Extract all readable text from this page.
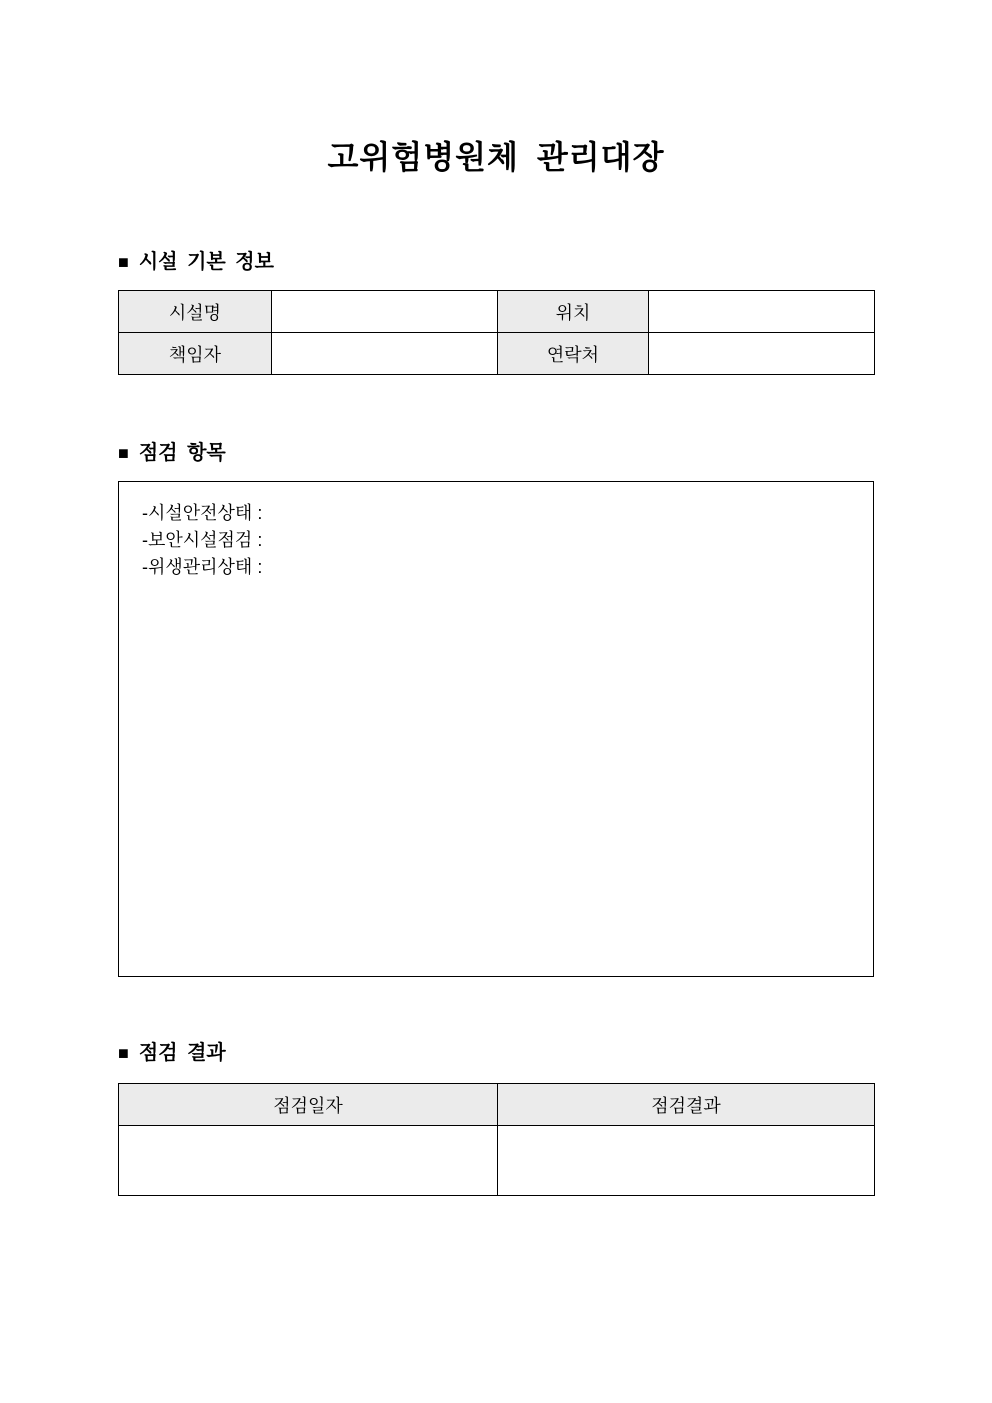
고위험병원체 관리대장
■ 시설 기본 정보
시설명		위치	
책임자		연락처	
■ 점검 항목
-시설안전상태 :
-보안시설점검 :
-위생관리상태 :
■ 점검 결과
점검일자	점검결과
